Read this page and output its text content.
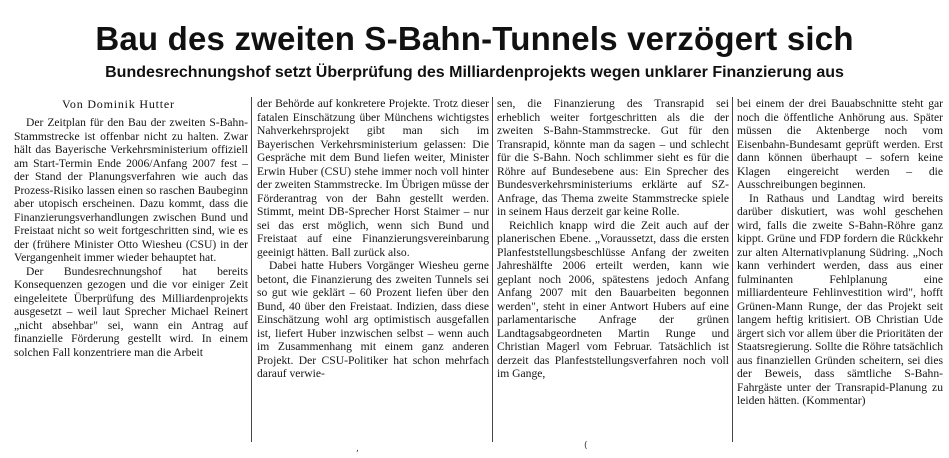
Bau des zweiten S-Bahn-Tunnels verzögert sich
Bundesrechnungshof setzt Überprüfung des Milliardenprojekts wegen unklarer Finanzierung aus
Von Dominik Hutter

Der Zeitplan für den Bau der zweiten S-Bahn-Stammstrecke ist offenbar nicht zu halten. Zwar hält das Bayerische Verkehrsministerium offiziell am Start-Termin Ende 2006/Anfang 2007 fest – der Stand der Planungsverfahren wie auch das Prozess-Risiko lassen einen so raschen Baubeginn aber utopisch erscheinen. Dazu kommt, dass die Finanzierungsverhandlungen zwischen Bund und Freistaat nicht so weit fortgeschritten sind, wie es der (frühere Minister Otto Wiesheu (CSU) in der Vergangenheit immer wieder behauptet hat.

Der Bundesrechnungshof hat bereits Konsequenzen gezogen und die vor einiger Zeit eingeleitete Überprüfung des Milliardenprojekts ausgesetzt – weil laut Sprecher Michael Reinert „nicht absehbar" sei, wann ein Antrag auf finanzielle Förderung gestellt wird. In einem solchen Fall konzentriere man die Arbeit

der Behörde auf konkretere Projekte. Trotz dieser fatalen Einschätzung über Münchens wichtigstes Nahverkehrsprojekt gibt man sich im Bayerischen Verkehrsministerium gelassen: Die Gespräche mit dem Bund liefen weiter, Minister Erwin Huber (CSU) stehe immer noch voll hinter der zweiten Stammstrecke. Im Übrigen müsse der Förderantrag von der Bahn gestellt werden. Stimmt, meint DB-Sprecher Horst Staimer – nur sei das erst möglich, wenn sich Bund und Freistaat auf eine Finanzierungsvereinbarung geeinigt hätten. Ball zurück also.

Dabei hatte Hubers Vorgänger Wiesheu gerne betont, die Finanzierung des zweiten Tunnels sei so gut wie geklärt – 60 Prozent liefen über den Bund, 40 über den Freistaat. Indizien, dass diese Einschätzung wohl arg optimistisch ausgefallen ist, liefert Huber inzwischen selbst – wenn auch im Zusammenhang mit einem ganz anderen Projekt. Der CSU-Politiker hat schon mehrfach darauf verwie-

sen, die Finanzierung des Transrapid sei erheblich weiter fortgeschritten als die der zweiten S-Bahn-Stammstrecke. Gut für den Transrapid, könnte man da sagen – und schlecht für die S-Bahn. Noch schlimmer sieht es für die Röhre auf Bundesebene aus: Ein Sprecher des Bundesverkehrsministeriums erklärte auf SZ-Anfrage, das Thema zweite Stammstrecke spiele in seinem Haus derzeit gar keine Rolle.

Reichlich knapp wird die Zeit auch auf der planerischen Ebene. „Voraussetzt, dass die ersten Planfeststellungsbeschlüsse Anfang der zweiten Jahreshälfte 2006 erteilt werden, kann wie geplant noch 2006, spätestens jedoch Anfang Anfang 2007 mit den Bauarbeiten begonnen werden", steht in einer Antwort Hubers auf eine parlamentarische Anfrage der grünen Landtagsabgeordneten Martin Runge und Christian Magerl vom Februar. Tatsächlich ist derzeit das Planfeststellungsverfahren noch voll im Gange,

bei einem der drei Bauabschnitte steht gar noch die öffentliche Anhörung aus. Später müssen die Aktenberge noch vom Eisenbahn-Bundesamt geprüft werden. Erst dann können überhaupt – sofern keine Klagen eingereicht werden – die Ausschreibungen beginnen.

In Rathaus und Landtag wird bereits darüber diskutiert, was wohl geschehen wird, falls die zweite S-Bahn-Röhre ganz kippt. Grüne und FDP fordern die Rückkehr zur alten Alternativplanung Südring. „Noch kann verhindert werden, dass aus einer fulminanten Fehlplanung eine milliardenteure Fehlinvestition wird", hofft Grünen-Mann Runge, der das Projekt seit langem heftig kritisiert. OB Christian Ude ärgert sich vor allem über die Prioritäten der Staatsregierung. Sollte die Röhre tatsächlich aus finanziellen Gründen scheitern, sei dies der Beweis, dass sämtliche S-Bahn-Fahrgäste unter der Transrapid-Planung zu leiden hätten. (Kommentar)

,	(
